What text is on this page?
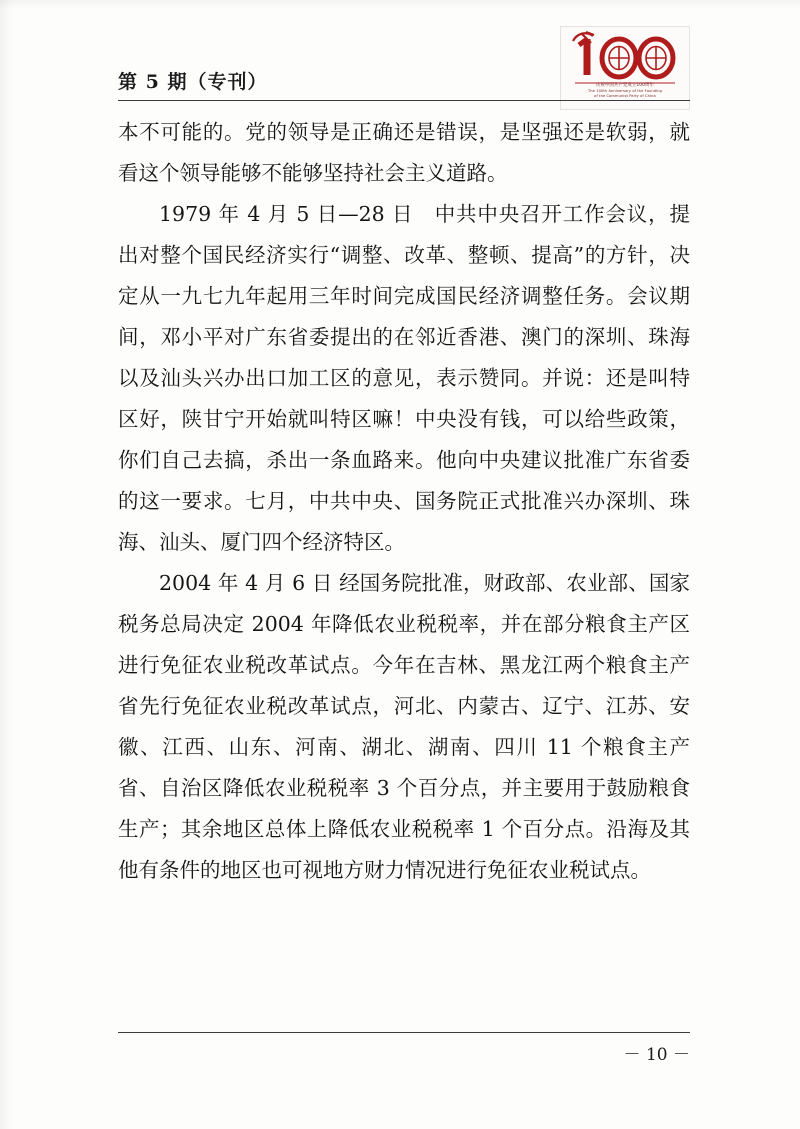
第 5 期（专刊）	庆祝中国共产党成立100周年
The 100th Anniversary of the Founding
of the Communist Party of China

本不可能的。党的领导是正确还是错误，是坚强还是软弱，就看这个领导能够不能够坚持社会主义道路。

1979 年 4 月 5 日—28 日　中共中央召开工作会议，提出对整个国民经济实行“调整、改革、整顿、提高”的方针，决定从一九七九年起用三年时间完成国民经济调整任务。会议期间，邓小平对广东省委提出的在邻近香港、澳门的深圳、珠海以及汕头兴办出口加工区的意见，表示赞同。并说：还是叫特区好，陕甘宁开始就叫特区嘛！中央没有钱，可以给些政策，你们自己去搞，杀出一条血路来。他向中央建议批准广东省委的这一要求。七月，中共中央、国务院正式批准兴办深圳、珠海、汕头、厦门四个经济特区。

2004 年 4 月 6 日 经国务院批准，财政部、农业部、国家税务总局决定 2004 年降低农业税税率，并在部分粮食主产区进行免征农业税改革试点。今年在吉林、黑龙江两个粮食主产省先行免征农业税改革试点，河北、内蒙古、辽宁、江苏、安徽、江西、山东、河南、湖北、湖南、四川 11 个粮食主产省、自治区降低农业税税率 3 个百分点，并主要用于鼓励粮食生产；其余地区总体上降低农业税税率 1 个百分点。沿海及其他有条件的地区也可视地方财力情况进行免征农业税试点。

－ 10 －
